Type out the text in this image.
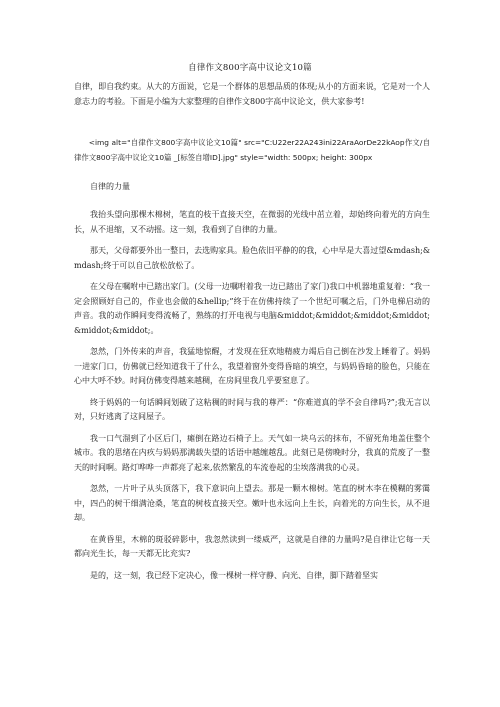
自律作文800字高中议论文10篇

自律，即自我约束。从大的方面说，它是一个群体的思想品质的体现;从小的方面来说，它是对一个人意志力的考验。下面是小编为大家整理的自律作文800字高中议论文，供大家参考!

<img alt="自律作文800字高中议论文10篇" src="C:U22er22A243ini22AraAorDe22kAop作文/自律作文800字高中议论文10篇 _[标签自增ID].jpg" style="width: 500px; height: 300px

自律的力量

我抬头望向那棵木棉树，笔直的枝干直接天空，在微弱的光线中茁立着，却始终向着光的方向生长，从不退缩，又不动摇。这一刻，我看到了自律的力量。

那天，父母都要外出一整日，去选购家具。脸色依旧平静的的我，心中早是大喜过望&mdash;&mdash;终于可以自己放松放松了。

在父母在嘱咐中已踏出家门。(父母一边嘱咐着我一边已踏出了家门)我口中机器地重复着：“我一定会照顾好自己的，作业也会做的&hellip;”终于在仿佛持续了一个世纪可嘱之后，门外电梯启动的声音。我的动作瞬间变得流畅了，熟练的打开电视与电脑&middot;&middot;&middot;&middot;&middot;&middot;。

忽然，门外传来的声音，我猛地惊醒，才发现在狂欢地精疲力竭后自己倒在沙发上睡着了。妈妈一进家门口，仿佛就已经知道我干了什么，我望着窗外变得昏暗的填空，与妈妈昏暗的脸色，只能在心中大呼不妙。时间仿佛变得越来越稠，在房间里我几乎要窒息了。

终于妈妈的一句话瞬间划破了这粘稠的时间与我的尊严：“你难道真的学不会自律吗?”;我无言以对，只好逃离了这间屋子。

我一口气溜到了小区后门，瘫倒在路边石椅子上。天气如一块乌云的抹布，不留死角地盖住整个城市。我的思绪在内疚与妈妈那满载失望的话语中越缠越乱。此刻已是傍晚时分，我真的荒废了一整天的时间啊。路灯哗哗一声都亮了起来,依然繁乱的车流卷起的尘埃落满我的心灵。

忽然，一片叶子从头顶落下，我下意识向上望去。那是一颗木棉树。笔直的树木李在模糊的雾霭中，四凸的树干细满沧桑，笔直的树枝直接天空。嫩叶也永远向上生长，向着光的方向生长，从不退却。

在黄昏里，木棉的斑驳碎影中，我忽然读到一缕威严，这就是自律的力量吗?是自律让它每一天都向光生长，每一天都无比充实?

是的，这一刻，我已经下定决心，像一棵树一样守静、向光、自律，脚下踏着坚实
